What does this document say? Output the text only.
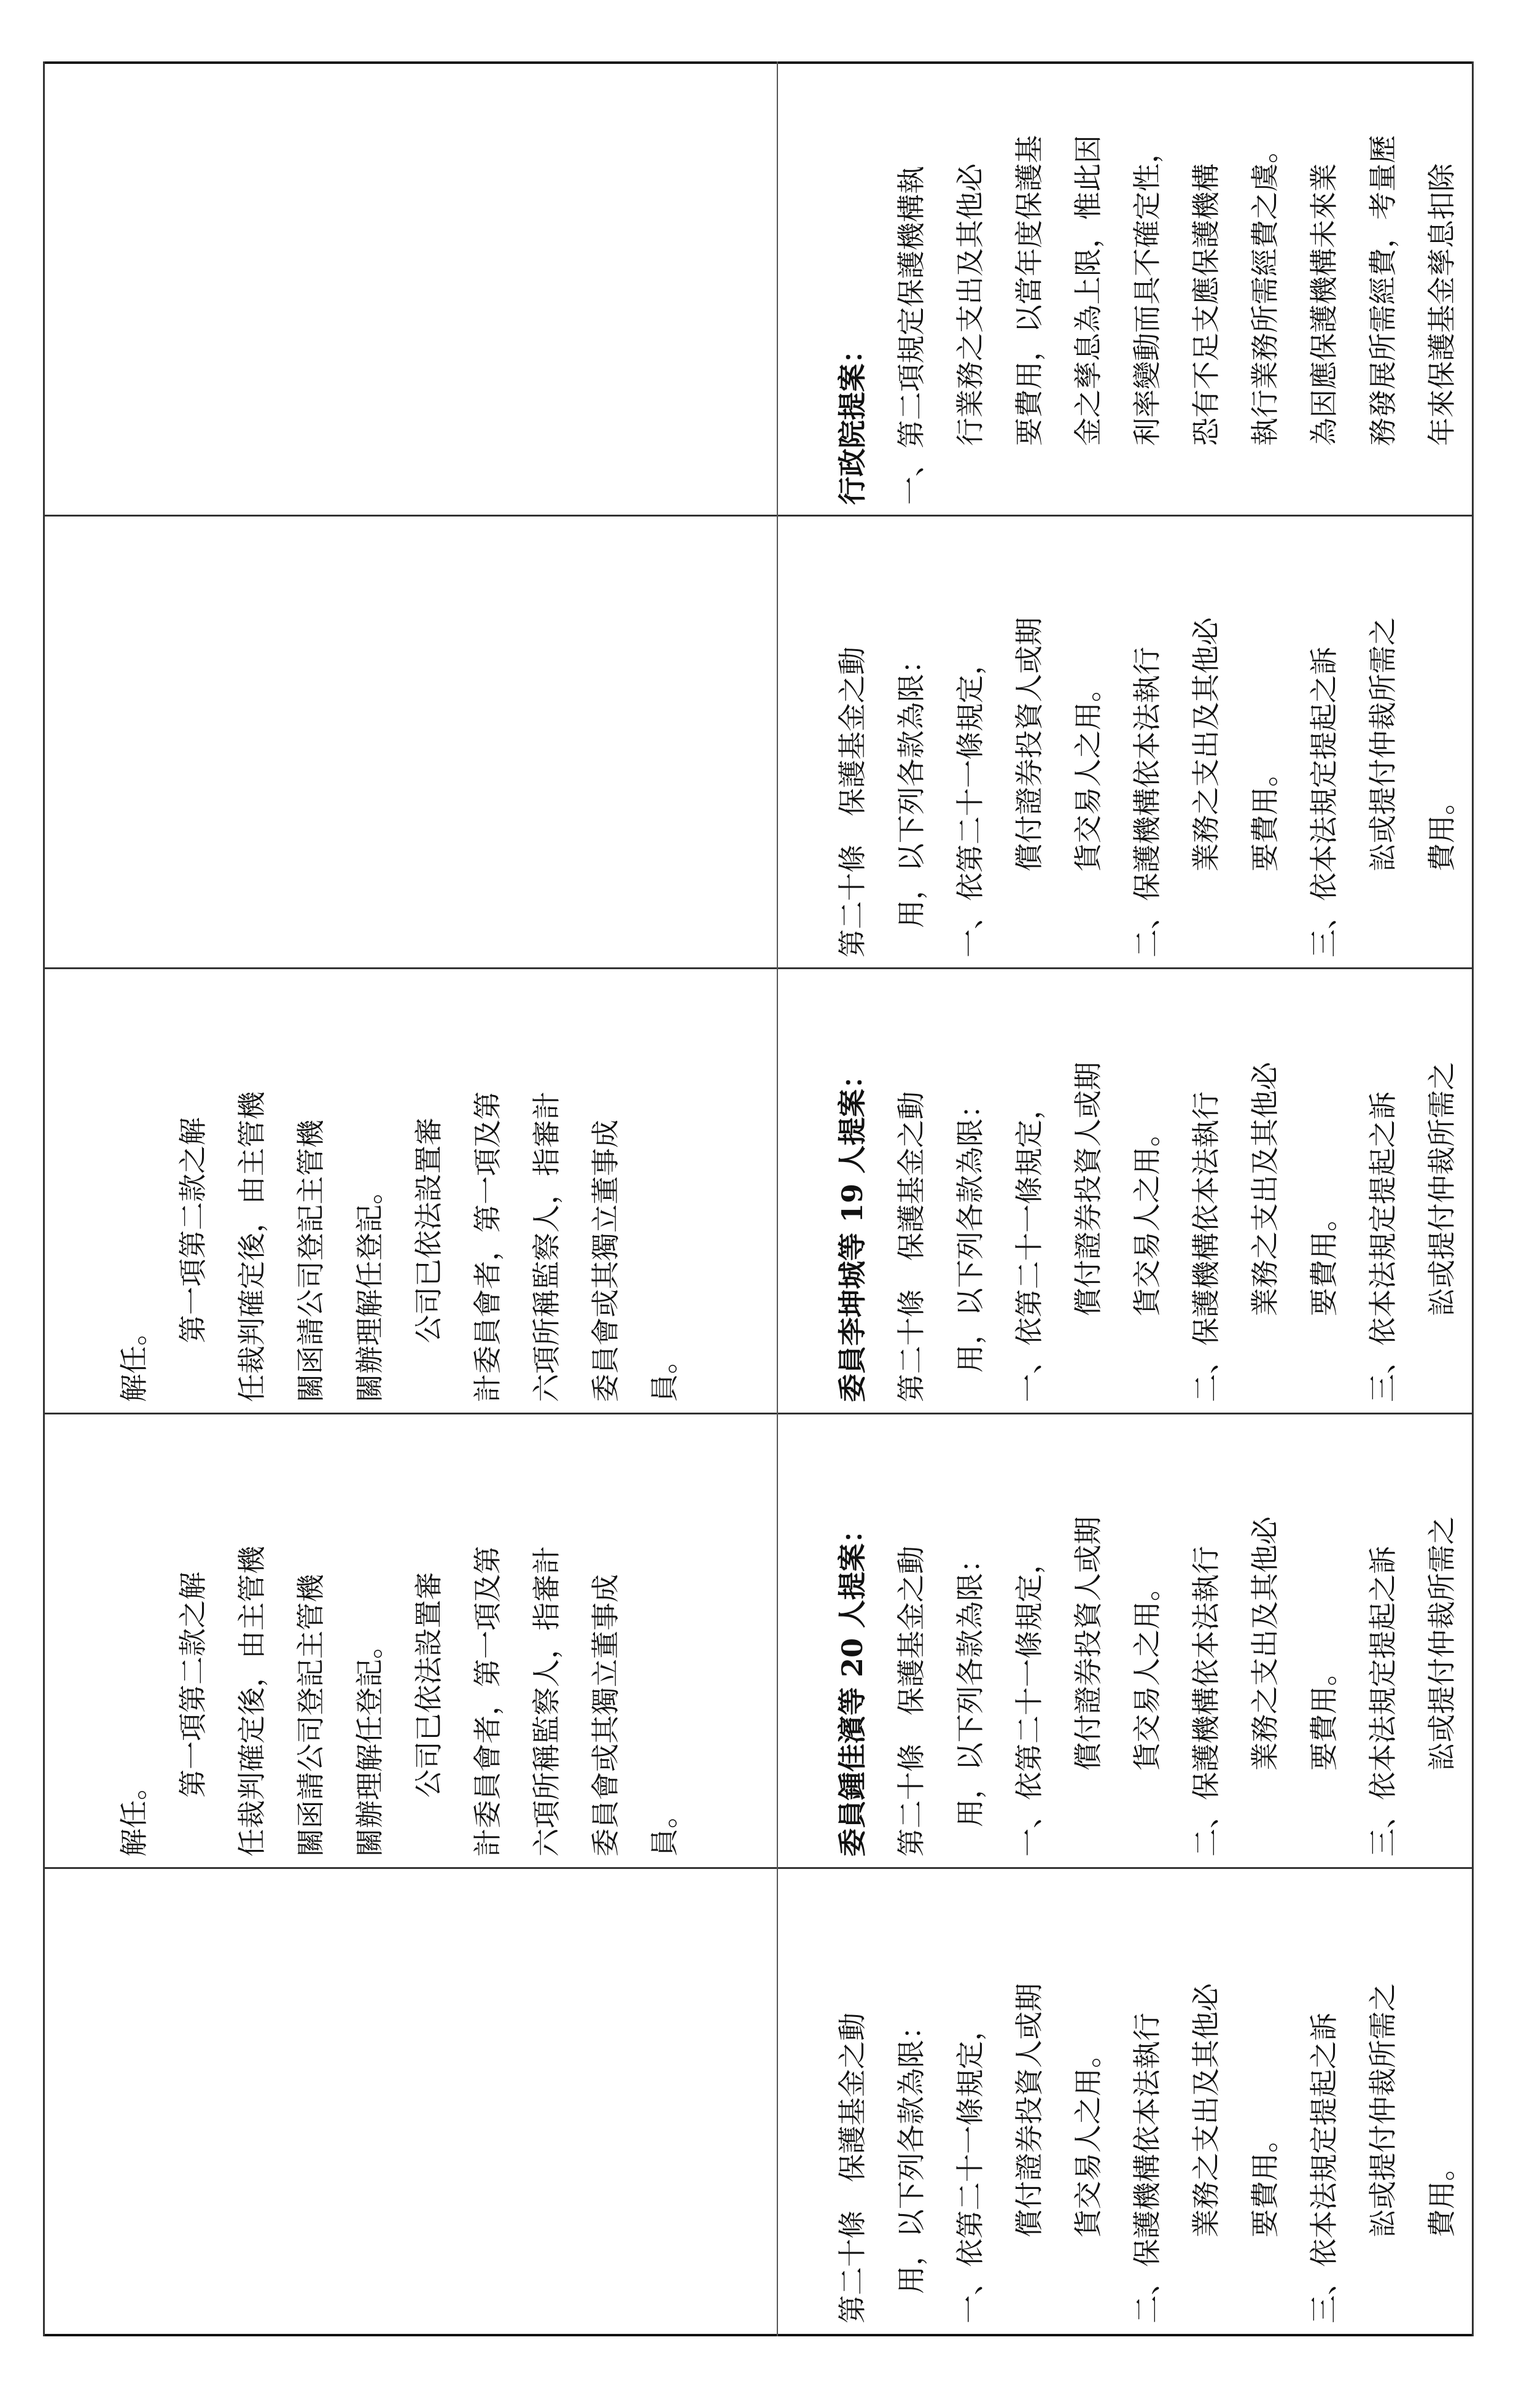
第二十條　保護基金之動 用，以下列各款為限： 一、依第二十一條規定， 償付證券投資人或期 貨交易人之用。 二、保護機構依本法執行 業務之支出及其他必 要費用。 三、依本法規定提起之訴 訟或提付仲裁所需之 費用。
解任。
第一項第二款之解 任裁判確定後，由主管機 關函請公司登記主管機 關辦理解任登記。 公司已依法設置審 計委員會者，第一項及第 六項所稱監察人，指審計 委員會或其獨立董事成 員。	委員鍾佳濱等 20 人提案： 第二十條　保護基金之動 用，以下列各款為限： 一、依第二十一條規定， 償付證券投資人或期 貨交易人之用。 二、保護機構依本法執行 業務之支出及其他必 要費用。 三、依本法規定提起之訴 訟或提付仲裁所需之
解任。
第一項第二款之解 任裁判確定後，由主管機 關函請公司登記主管機 關辦理解任登記。 公司已依法設置審 計委員會者，第一項及第 六項所稱監察人，指審計 委員會或其獨立董事成 員。	委員李坤城等 19 人提案： 第二十條　保護基金之動 用，以下列各款為限： 一、依第二十一條規定， 償付證券投資人或期 貨交易人之用。 二、保護機構依本法執行 業務之支出及其他必 要費用。 三、依本法規定提起之訴 訟或提付仲裁所需之
第二十條　保護基金之動 用，以下列各款為限： 一、依第二十一條規定， 償付證券投資人或期 貨交易人之用。 二、保護機構依本法執行 業務之支出及其他必 要費用。 三、依本法規定提起之訴 訟或提付仲裁所需之 費用。
行政院提案： 一、第二項規定保護機構執 行業務之支出及其他必 要費用，以當年度保護基 金之孳息為上限，惟此因 利率變動而具不確定性， 恐有不足支應保護機構 執行業務所需經費之虞。 為因應保護機構未來業 務發展所需經費，考量歷 年來保護基金孳息扣除
